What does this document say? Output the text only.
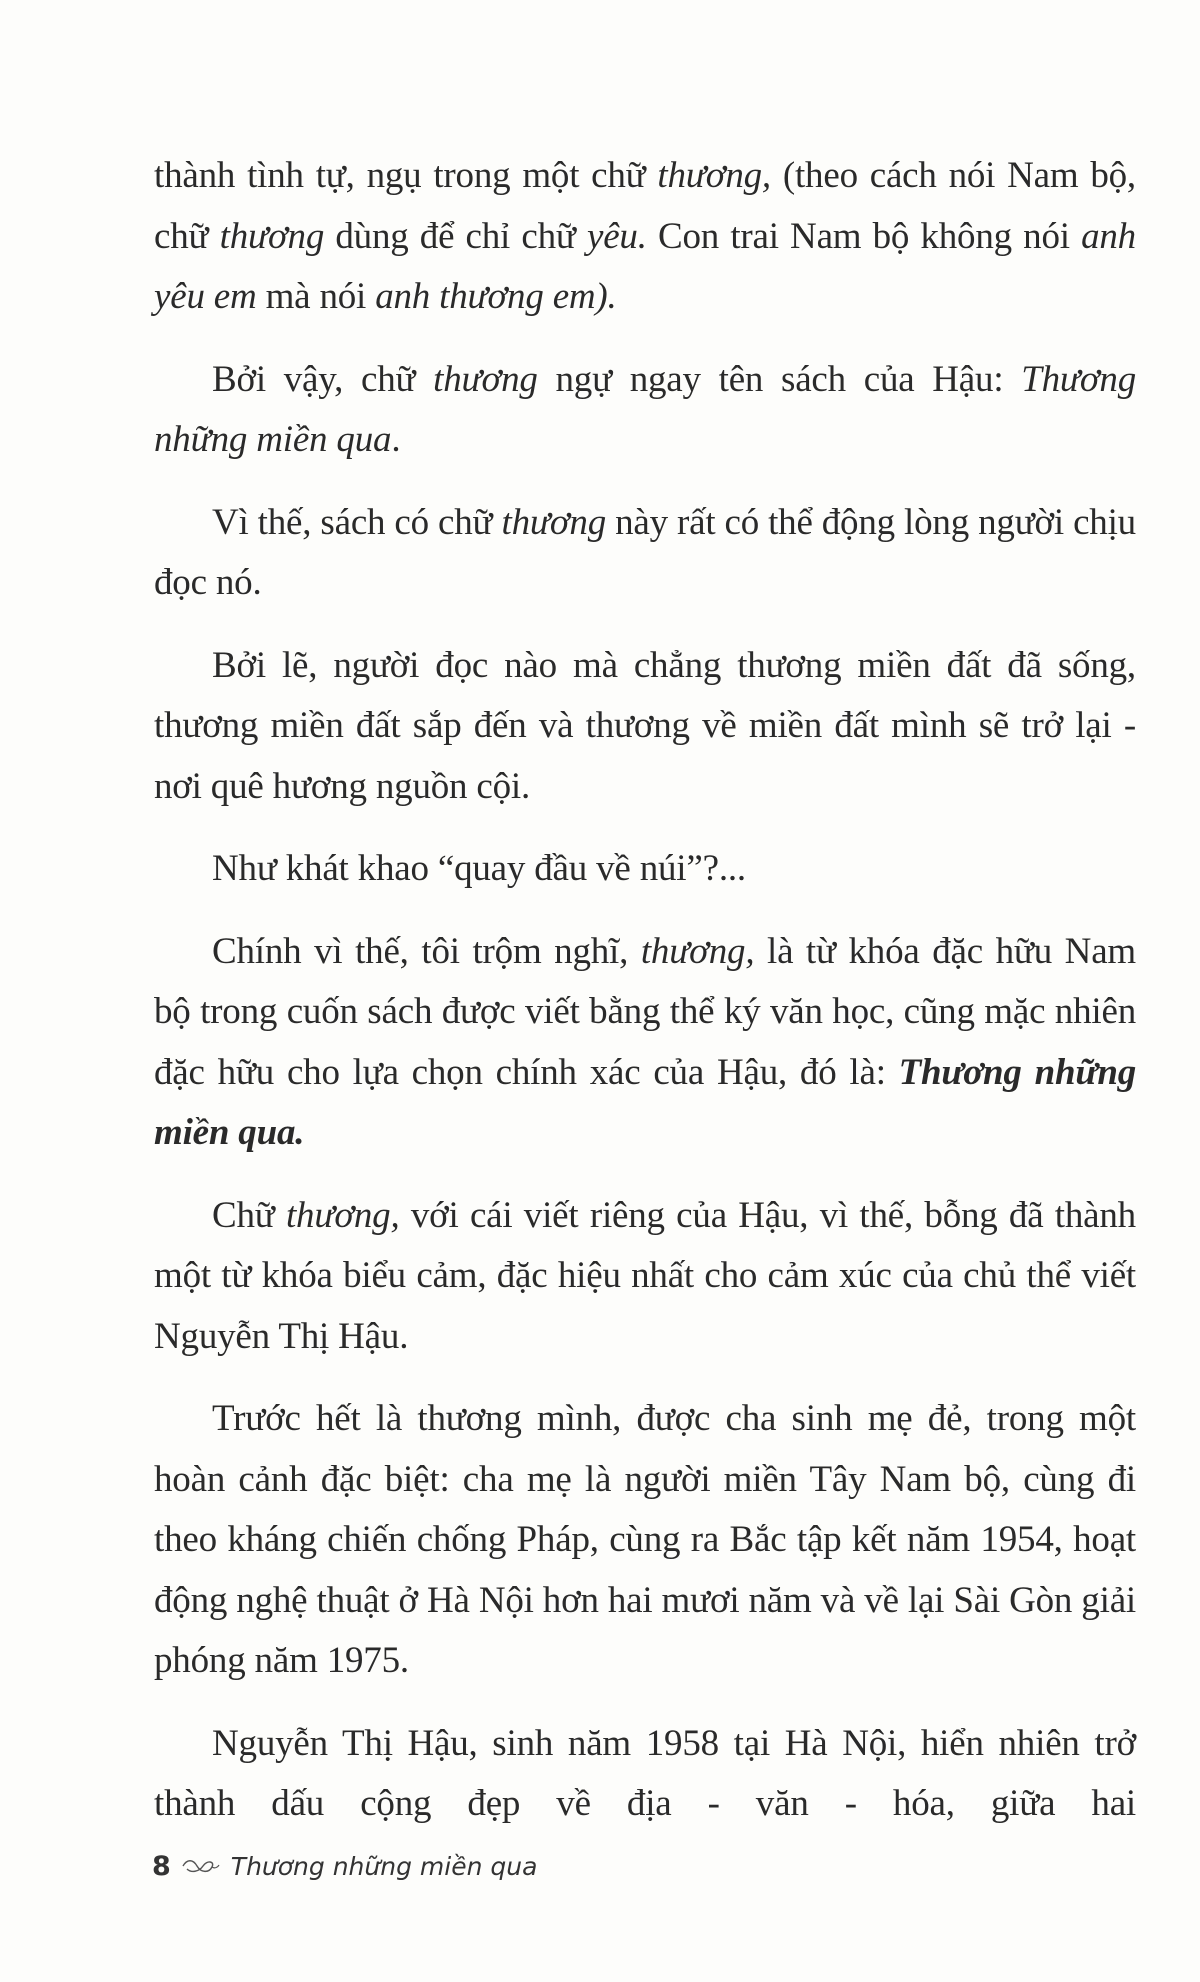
thành tình tự, ngụ trong một chữ thương, (theo cách nói Nam bộ, chữ thương dùng để chỉ chữ yêu. Con trai Nam bộ không nói anh yêu em mà nói anh thương em).

Bởi vậy, chữ thương ngự ngay tên sách của Hậu: Thương những miền qua.

Vì thế, sách có chữ thương này rất có thể động lòng người chịu đọc nó.

Bởi lẽ, người đọc nào mà chẳng thương miền đất đã sống, thương miền đất sắp đến và thương về miền đất mình sẽ trở lại - nơi quê hương nguồn cội.

Như khát khao “quay đầu về núi”?...

Chính vì thế, tôi trộm nghĩ, thương, là từ khóa đặc hữu Nam bộ trong cuốn sách được viết bằng thể ký văn học, cũng mặc nhiên đặc hữu cho lựa chọn chính xác của Hậu, đó là: Thương những miền qua.

Chữ thương, với cái viết riêng của Hậu, vì thế, bỗng đã thành một từ khóa biểu cảm, đặc hiệu nhất cho cảm xúc của chủ thể viết Nguyễn Thị Hậu.

Trước hết là thương mình, được cha sinh mẹ đẻ, trong một hoàn cảnh đặc biệt: cha mẹ là người miền Tây Nam bộ, cùng đi theo kháng chiến chống Pháp, cùng ra Bắc tập kết năm 1954, hoạt động nghệ thuật ở Hà Nội hơn hai mươi năm và về lại Sài Gòn giải phóng năm 1975.

Nguyễn Thị Hậu, sinh năm 1958 tại Hà Nội, hiển nhiên trở thành dấu cộng đẹp về địa - văn - hóa, giữa hai

8 Thương những miền qua
